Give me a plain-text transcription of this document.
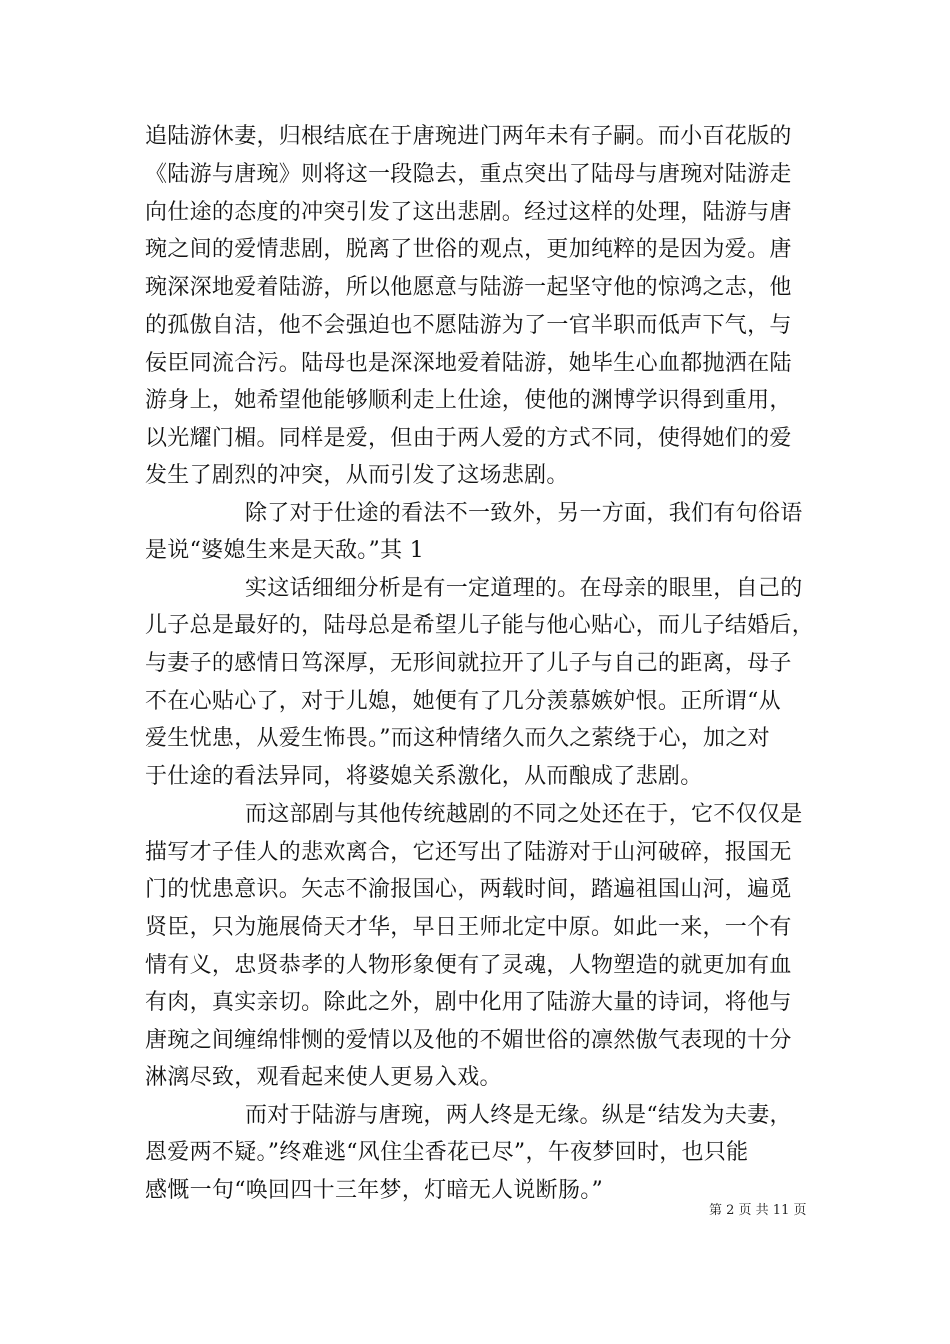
追陆游休妻，归根结底在于唐琬进门两年未有子嗣。而小百花版的
《陆游与唐琬》则将这一段隐去，重点突出了陆母与唐琬对陆游走
向仕途的态度的冲突引发了这出悲剧。经过这样的处理，陆游与唐
琬之间的爱情悲剧，脱离了世俗的观点，更加纯粹的是因为爱。唐
琬深深地爱着陆游，所以他愿意与陆游一起坚守他的惊鸿之志，他
的孤傲自洁，他不会强迫也不愿陆游为了一官半职而低声下气，与
佞臣同流合污。陆母也是深深地爱着陆游，她毕生心血都抛洒在陆
游身上，她希望他能够顺利走上仕途，使他的渊博学识得到重用，
以光耀门楣。同样是爱，但由于两人爱的方式不同，使得她们的爱
发生了剧烈的冲突，从而引发了这场悲剧。
除了对于仕途的看法不一致外，另一方面，我们有句俗语
是说“婆媳生来是天敌。”其 1
实这话细细分析是有一定道理的。在母亲的眼里，自己的
儿子总是最好的，陆母总是希望儿子能与他心贴心，而儿子结婚后，
与妻子的感情日笃深厚，无形间就拉开了儿子与自己的距离，母子
不在心贴心了，对于儿媳，她便有了几分羡慕嫉妒恨。正所谓“从
爱生忧患，从爱生怖畏。”而这种情绪久而久之萦绕于心，加之对
于仕途的看法异同，将婆媳关系激化，从而酿成了悲剧。
而这部剧与其他传统越剧的不同之处还在于，它不仅仅是
描写才子佳人的悲欢离合，它还写出了陆游对于山河破碎，报国无
门的忧患意识。矢志不渝报国心，两载时间，踏遍祖国山河，遍觅
贤臣，只为施展倚天才华，早日王师北定中原。如此一来，一个有
情有义，忠贤恭孝的人物形象便有了灵魂，人物塑造的就更加有血
有肉，真实亲切。除此之外，剧中化用了陆游大量的诗词，将他与
唐琬之间缠绵悱恻的爱情以及他的不媚世俗的凛然傲气表现的十分
淋漓尽致，观看起来使人更易入戏。
而对于陆游与唐琬，两人终是无缘。纵是“结发为夫妻，
恩爱两不疑。”终难逃“风住尘香花已尽”，午夜梦回时，也只能
感慨一句“唤回四十三年梦，灯暗无人说断肠。”
第 2 页 共 11 页
